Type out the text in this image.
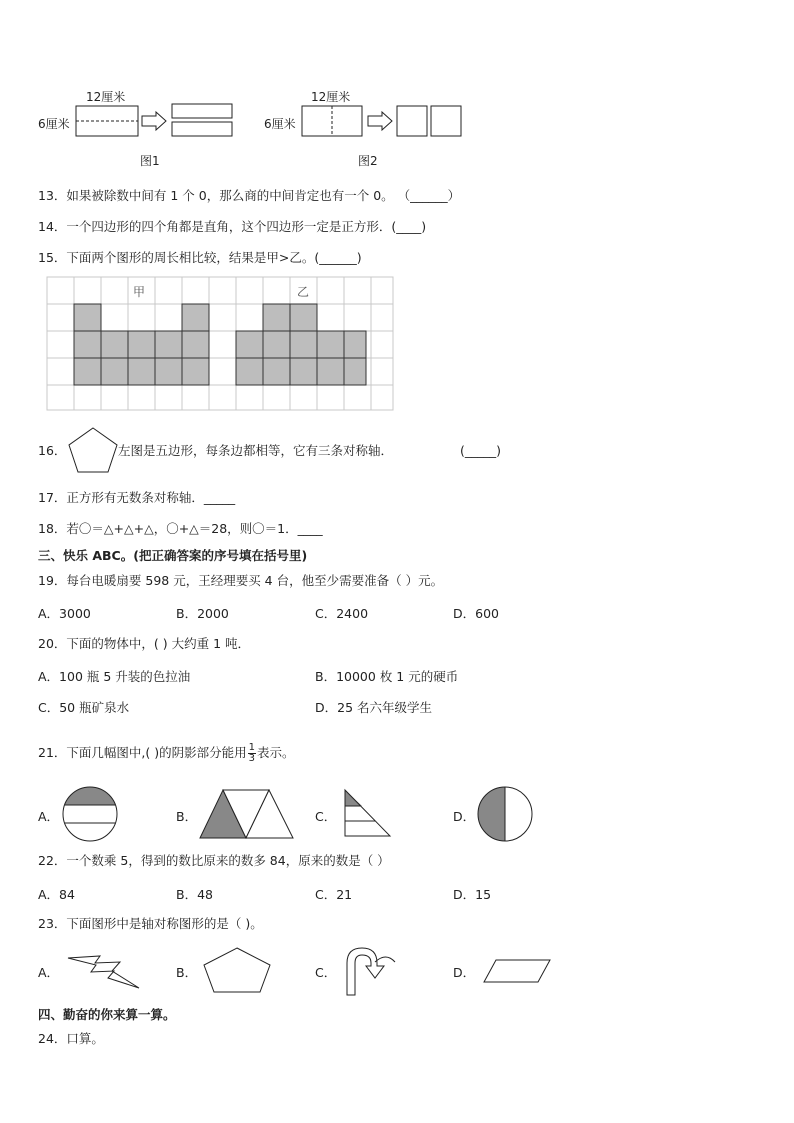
12厘米
6厘米
图1
12厘米
6厘米
图2
13．如果被除数中间有 1 个 0，那么商的中间肯定也有一个 0。 （______）
14．一个四边形的四个角都是直角，这个四边形一定是正方形．(____)
15．下面两个图形的周长相比较，结果是甲>乙。(______)
甲	乙
16．	左图是五边形，每条边都相等，它有三条对称轴．	(_____)
17．正方形有无数条对称轴．_____
18．若〇＝△+△+△，〇+△＝28，则〇＝1．____
三、快乐 ABC。(把正确答案的序号填在括号里)
19．每台电暖扇要 598 元，王经理要买 4 台，他至少需要准备（ ）元。
A．3000	B．2000	C．2400	D．600
20．下面的物体中，( ) 大约重 1 吨．
A．100 瓶 5 升装的色拉油	B．10000 枚 1 元的硬币
C．50 瓶矿泉水	D．25 名六年级学生
21．下面几幅图中,( )的阴影部分能用 $\frac{1}{3}$ 表示。
A．	B．	C．	D．
22．一个数乘 5，得到的数比原来的数多 84，原来的数是（ ）
A．84	B．48	C．21	D．15
23．下面图形中是轴对称图形的是（ )。
A．	B．	C．	D．
四、勤奋的你来算一算。
24．口算。
